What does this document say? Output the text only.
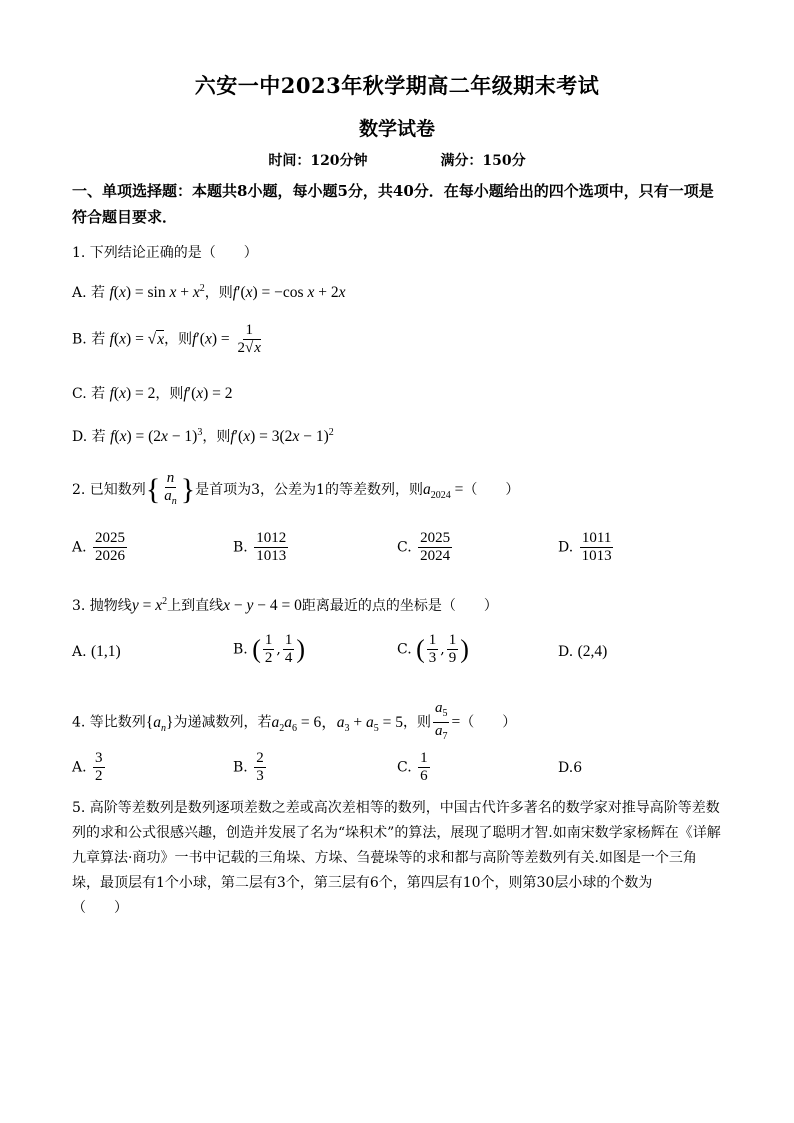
六安一中2023年秋学期高二年级期末考试
数学试卷
时间：120分钟	满分：150分
一、单项选择题：本题共8小题，每小题5分，共40分．在每小题给出的四个选项中，只有一项是符合题目要求．
1. 下列结论正确的是（　　）
A. 若 $f(x) = \sin x + x^2$，则f′(x) = −cos x + 2x
B. 若 f(x) = √x，则$f'(x) = \frac{1}{2√x}$
C. 若 f(x) = 2，则f′(x) = 2
D. 若 $f(x) = (2x - 1)^3$，则$f'(x) = 3(2x - 1)^2$
2. 已知数列{ $\frac{n}{a_n}$ }是首项为3，公差为1的等差数列，则$a_{2024}$ =（　　）
A. $\frac{2025}{2026}$	B. $\frac{1012}{1013}$	C. $\frac{2025}{2024}$	D. $\frac{1011}{1013}$
3. 抛物线$y = x^2$上到直线x − y − 4 = 0距离最近的点的坐标是（　　）
A. (1,1)	B. ( $\frac{1}{2}$ , $\frac{1}{4}$ )	C. ( $\frac{1}{3}$ , $\frac{1}{9}$ )	D. (2,4)
4. 等比数列$\{a_n\}$为递减数列，若$a_2a_6 = 6$，$a_3 + a_5 = 5$，则 $\frac{a_5}{a_7}$ =（　　）
A. $\frac{3}{2}$	B. $\frac{2}{3}$	C. $\frac{1}{6}$	D.6
5. 高阶等差数列是数列逐项差数之差或高次差相等的数列，中国古代许多著名的数学家对推导高阶等差数
列的求和公式很感兴趣，创造并发展了名为“垛积术”的算法，展现了聪明才智.如南宋数学家杨辉在《详解
九章算法·商功》一书中记载的三角垛、方垛、刍甍垛等的求和都与高阶等差数列有关.如图是一个三角
垛，最顶层有1个小球，第二层有3个，第三层有6个，第四层有10个，则第30层小球的个数为
（　　）
